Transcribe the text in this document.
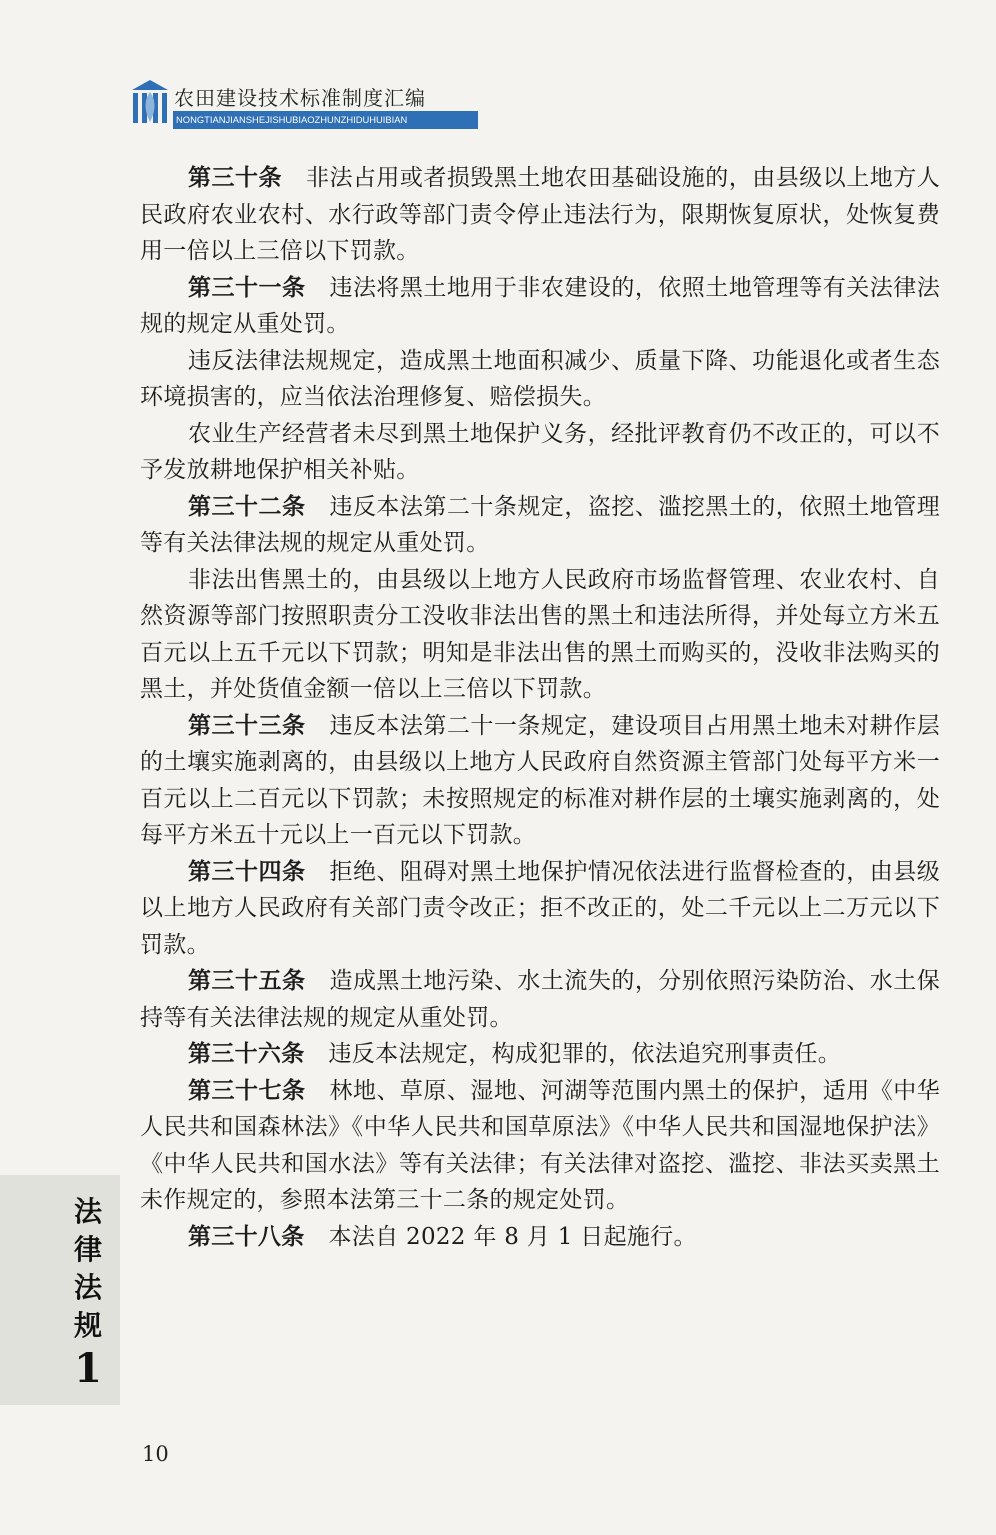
农田建设技术标准制度汇编
NONGTIANJIANSHEJISHUBIAOZHUNZHIDUHUIBIAN

第三十条 非法占用或者损毁黑土地农田基础设施的，由县级以上地方人民政府农业农村、水行政等部门责令停止违法行为，限期恢复原状，处恢复费用一倍以上三倍以下罚款。

第三十一条 违法将黑土地用于非农建设的，依照土地管理等有关法律法规的规定从重处罚。

违反法律法规规定，造成黑土地面积减少、质量下降、功能退化或者生态环境损害的，应当依法治理修复、赔偿损失。

农业生产经营者未尽到黑土地保护义务，经批评教育仍不改正的，可以不予发放耕地保护相关补贴。

第三十二条 违反本法第二十条规定，盗挖、滥挖黑土的，依照土地管理等有关法律法规的规定从重处罚。

非法出售黑土的，由县级以上地方人民政府市场监督管理、农业农村、自然资源等部门按照职责分工没收非法出售的黑土和违法所得，并处每立方米五百元以上五千元以下罚款；明知是非法出售的黑土而购买的，没收非法购买的黑土，并处货值金额一倍以上三倍以下罚款。

第三十三条 违反本法第二十一条规定，建设项目占用黑土地未对耕作层的土壤实施剥离的，由县级以上地方人民政府自然资源主管部门处每平方米一百元以上二百元以下罚款；未按照规定的标准对耕作层的土壤实施剥离的，处每平方米五十元以上一百元以下罚款。

第三十四条 拒绝、阻碍对黑土地保护情况依法进行监督检查的，由县级以上地方人民政府有关部门责令改正；拒不改正的，处二千元以上二万元以下罚款。

第三十五条 造成黑土地污染、水土流失的，分别依照污染防治、水土保持等有关法律法规的规定从重处罚。

第三十六条 违反本法规定，构成犯罪的，依法追究刑事责任。

第三十七条 林地、草原、湿地、河湖等范围内黑土的保护，适用《中华人民共和国森林法》《中华人民共和国草原法》《中华人民共和国湿地保护法》《中华人民共和国水法》等有关法律；有关法律对盗挖、滥挖、非法买卖黑土未作规定的，参照本法第三十二条的规定处罚。

第三十八条 本法自 2022 年 8 月 1 日起施行。

法
律
法
规
1
10
